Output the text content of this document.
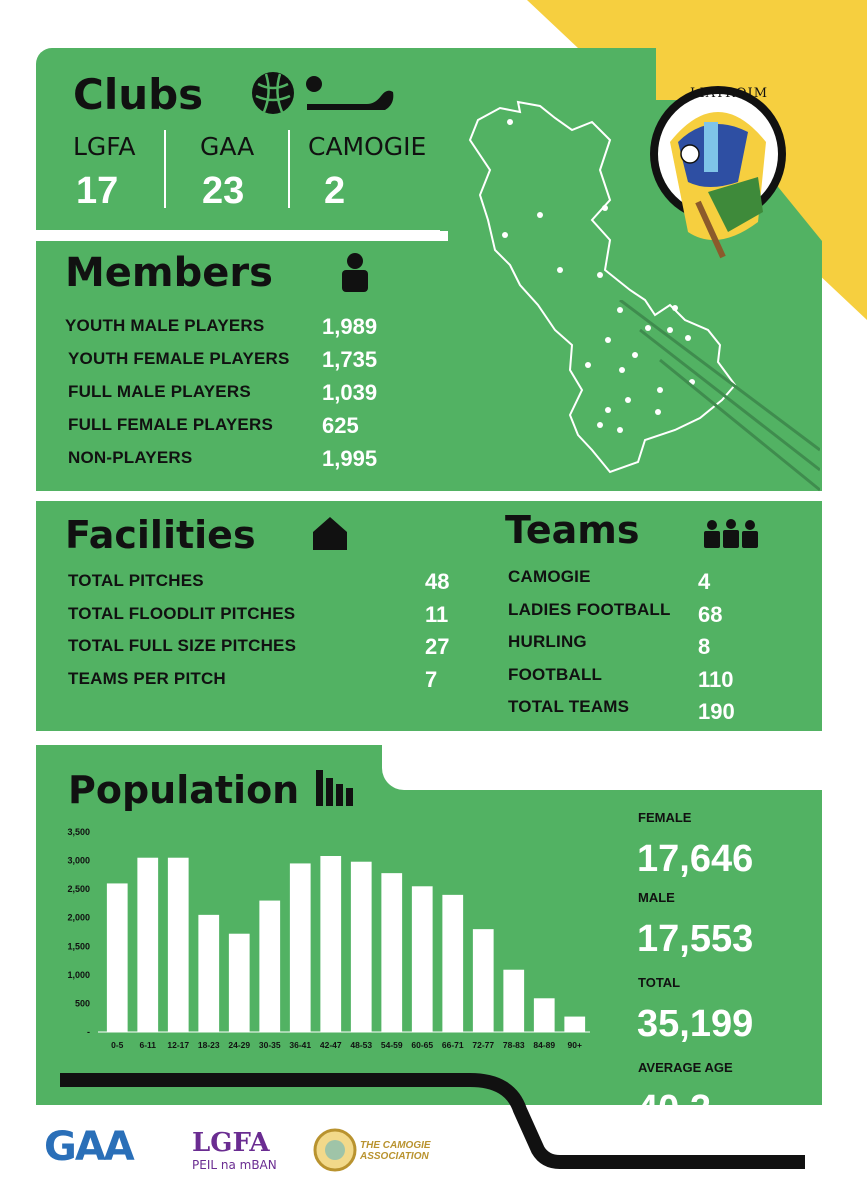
Clubs
LGFA
17
GAA
23
CAMOGIE
2
Members
YOUTH MALE PLAYERS	1,989
YOUTH FEMALE PLAYERS 1,735
FULL MALE PLAYERS	1,039
FULL FEMALE PLAYERS 625
NON-PLAYERS	1,995
LIATROIM
Facilities
TOTAL PITCHES	48
TOTAL FLOODLIT PITCHES	11
TOTAL FULL SIZE PITCHES	27
TEAMS PER PITCH	7
Teams
CAMOGIE	4
LADIES FOOTBALL 68
HURLING	8
FOOTBALL	110
TOTAL TEAMS	190
Population
-
500
1,000
1,500
2,000
2,500
3,000
3,500
0-5 6-11 12-17 18-23 24-29 30-35 36-41 42-47 48-53 54-59 60-65 66-71 72-77 78-83 84-89 90+
FEMALE
17,646
MALE
17,553
TOTAL
35,199
AVERAGE AGE
40.2
GAA LGFA
PEIL na mBAN
THE CAMOGIE ASSOCIATION
